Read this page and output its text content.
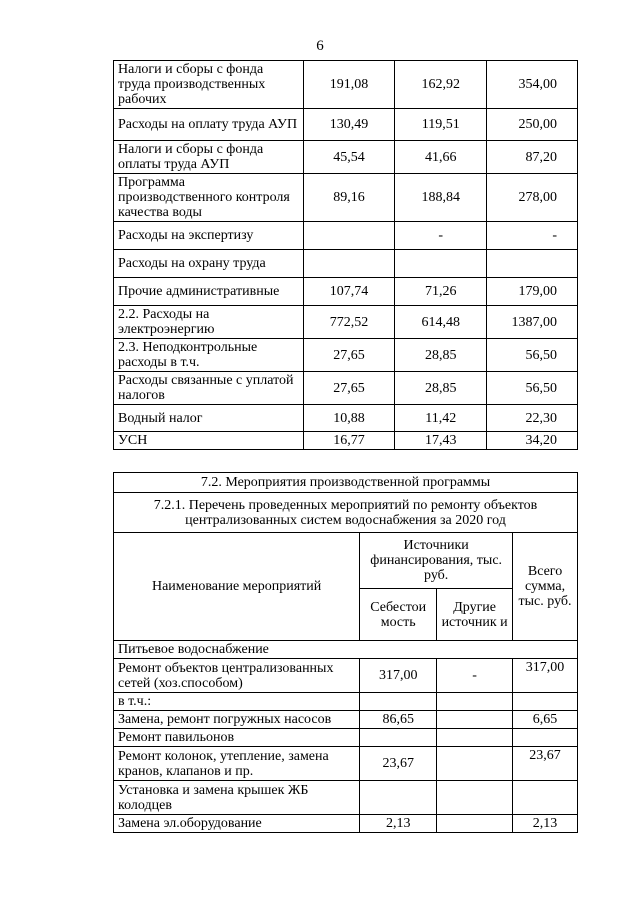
6
Налоги и сборы с фонда труда производственных рабочих	191,08	162,92	354,00
Расходы на оплату труда АУП	130,49	119,51	250,00
Налоги и сборы с фонда оплаты труда АУП	45,54	41,66	87,20
Программа производственного контроля качества воды	89,16	188,84	278,00
Расходы на экспертизу		-	-
Расходы на охрану труда			
Прочие административные	107,74	71,26	179,00
2.2. Расходы на электроэнергию	772,52	614,48	1387,00
2.3. Неподконтрольные расходы в т.ч.	27,65	28,85	56,50
Расходы связанные с уплатой налогов	27,65	28,85	56,50
Водный налог	10,88	11,42	22,30
УСН	16,77	17,43	34,20
7.2. Мероприятия производственной программы			
7.2.1. Перечень проведенных мероприятий по ремонту объектов централизованных систем водоснабжения за 2020 год			
Наименование мероприятий	Источники финансирования, тыс. руб.		Всего сумма, тыс. руб.
	Себестои мость	Другие источник и	
Питьевое водоснабжение			
Ремонт объектов централизованных сетей (хоз.способом)	317,00	-	317,00
в т.ч.:			
Замена, ремонт погружных насосов	86,65		6,65
Ремонт павильонов			
Ремонт колонок, утепление, замена кранов, клапанов и пр.	23,67		23,67
Установка и замена крышек ЖБ колодцев			
Замена эл.оборудование	2,13		2,13
